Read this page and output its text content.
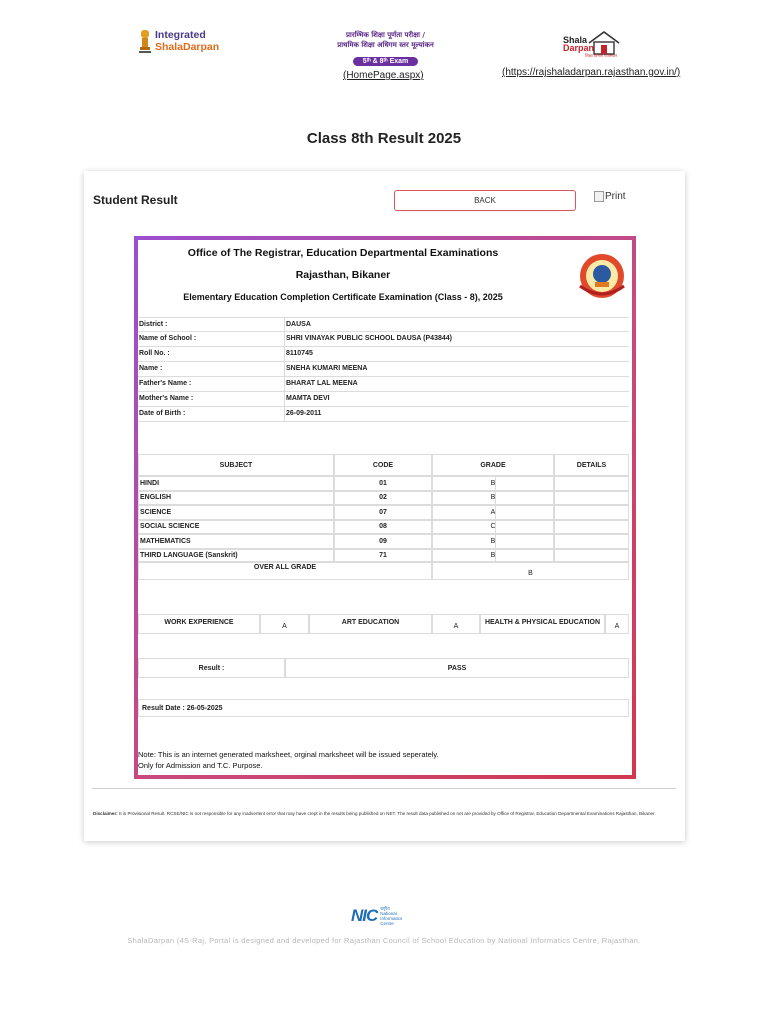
Integrated
ShalaDarpan
प्रारम्भिक शिक्षा पूर्णता परीक्षा /
प्राथमिक शिक्षा अधिगम स्तर मूल्यांकन
5ᵗʰ & 8ᵗʰ Exam
(HomePage.aspx)
Shala
Darpan
शिक्षा विभाग राजस्थान
(https://rajshaladarpan.rajasthan.gov.in/)
Class 8th Result 2025
Student Result	BACK	Print
Office of The Registrar, Education Departmental Examinations
Rajasthan, Bikaner
Elementary Education Completion Certificate Examination (Class - 8), 2025
District :	DAUSA
Name of School :	SHRI VINAYAK PUBLIC SCHOOL DAUSA (P43844)
Roll No. :	8110745
Name :	SNEHA KUMARI MEENA
Father's Name :	BHARAT LAL MEENA
Mother's Name :	MAMTA DEVI
Date of Birth :	26-09-2011
SUBJECT	CODE	GRADE	DETAILS
HINDI	01	B
ENGLISH	02	B
SCIENCE	07	A
SOCIAL SCIENCE	08	C
MATHEMATICS	09	B
THIRD LANGUAGE (Sanskrit)	71	B
OVER ALL GRADE
B
WORK EXPERIENCE	A	ART EDUCATION	A	HEALTH & PHYSICAL EDUCATION	A
Result :	PASS
Result Date : 26-05-2025
Note: This is an internet generated marksheet, orginal marksheet will be issued seperately.
Only for Admission and T.C. Purpose.
Disclaimer: It is Provisional Result. RCSE/NIC is not responsible for any inadvertent error that may have crept in the results being published on NET. The result data published on net are provided by Office of Registrar, Education Departmental Examinations Rajasthan, Bikaner.
NIC राष्ट्रीय
National
Informatics
Centre
ShalaDarpan (4S-Raj, Portal is designed and developed for Rajasthan Council of School Education by National Informatics Centre, Rajasthan.
